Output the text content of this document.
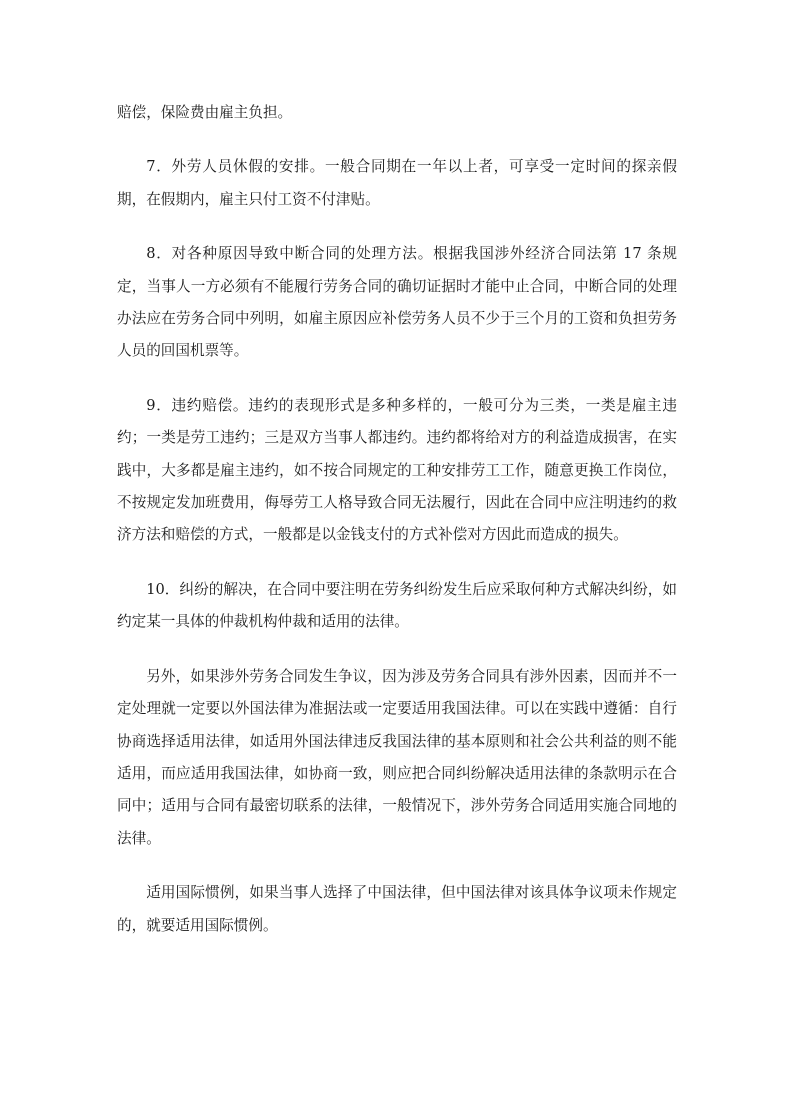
赔偿，保险费由雇主负担。

7．外劳人员休假的安排。一般合同期在一年以上者，可享受一定时间的探亲假期，在假期内，雇主只付工资不付津贴。

8．对各种原因导致中断合同的处理方法。根据我国涉外经济合同法第 17 条规定，当事人一方必须有不能履行劳务合同的确切证据时才能中止合同，中断合同的处理办法应在劳务合同中列明，如雇主原因应补偿劳务人员不少于三个月的工资和负担劳务人员的回国机票等。

9．违约赔偿。违约的表现形式是多种多样的，一般可分为三类，一类是雇主违约；一类是劳工违约；三是双方当事人都违约。违约都将给对方的利益造成损害，在实践中，大多都是雇主违约，如不按合同规定的工种安排劳工工作，随意更换工作岗位，不按规定发加班费用，侮辱劳工人格导致合同无法履行，因此在合同中应注明违约的救济方法和赔偿的方式，一般都是以金钱支付的方式补偿对方因此而造成的损失。

10．纠纷的解决，在合同中要注明在劳务纠纷发生后应采取何种方式解决纠纷，如约定某一具体的仲裁机构仲裁和适用的法律。

另外，如果涉外劳务合同发生争议，因为涉及劳务合同具有涉外因素，因而并不一定处理就一定要以外国法律为准据法或一定要适用我国法律。可以在实践中遵循：自行协商选择适用法律，如适用外国法律违反我国法律的基本原则和社会公共利益的则不能适用，而应适用我国法律，如协商一致，则应把合同纠纷解决适用法律的条款明示在合同中；适用与合同有最密切联系的法律，一般情况下，涉外劳务合同适用实施合同地的法律。

适用国际惯例，如果当事人选择了中国法律，但中国法律对该具体争议项未作规定的，就要适用国际惯例。
